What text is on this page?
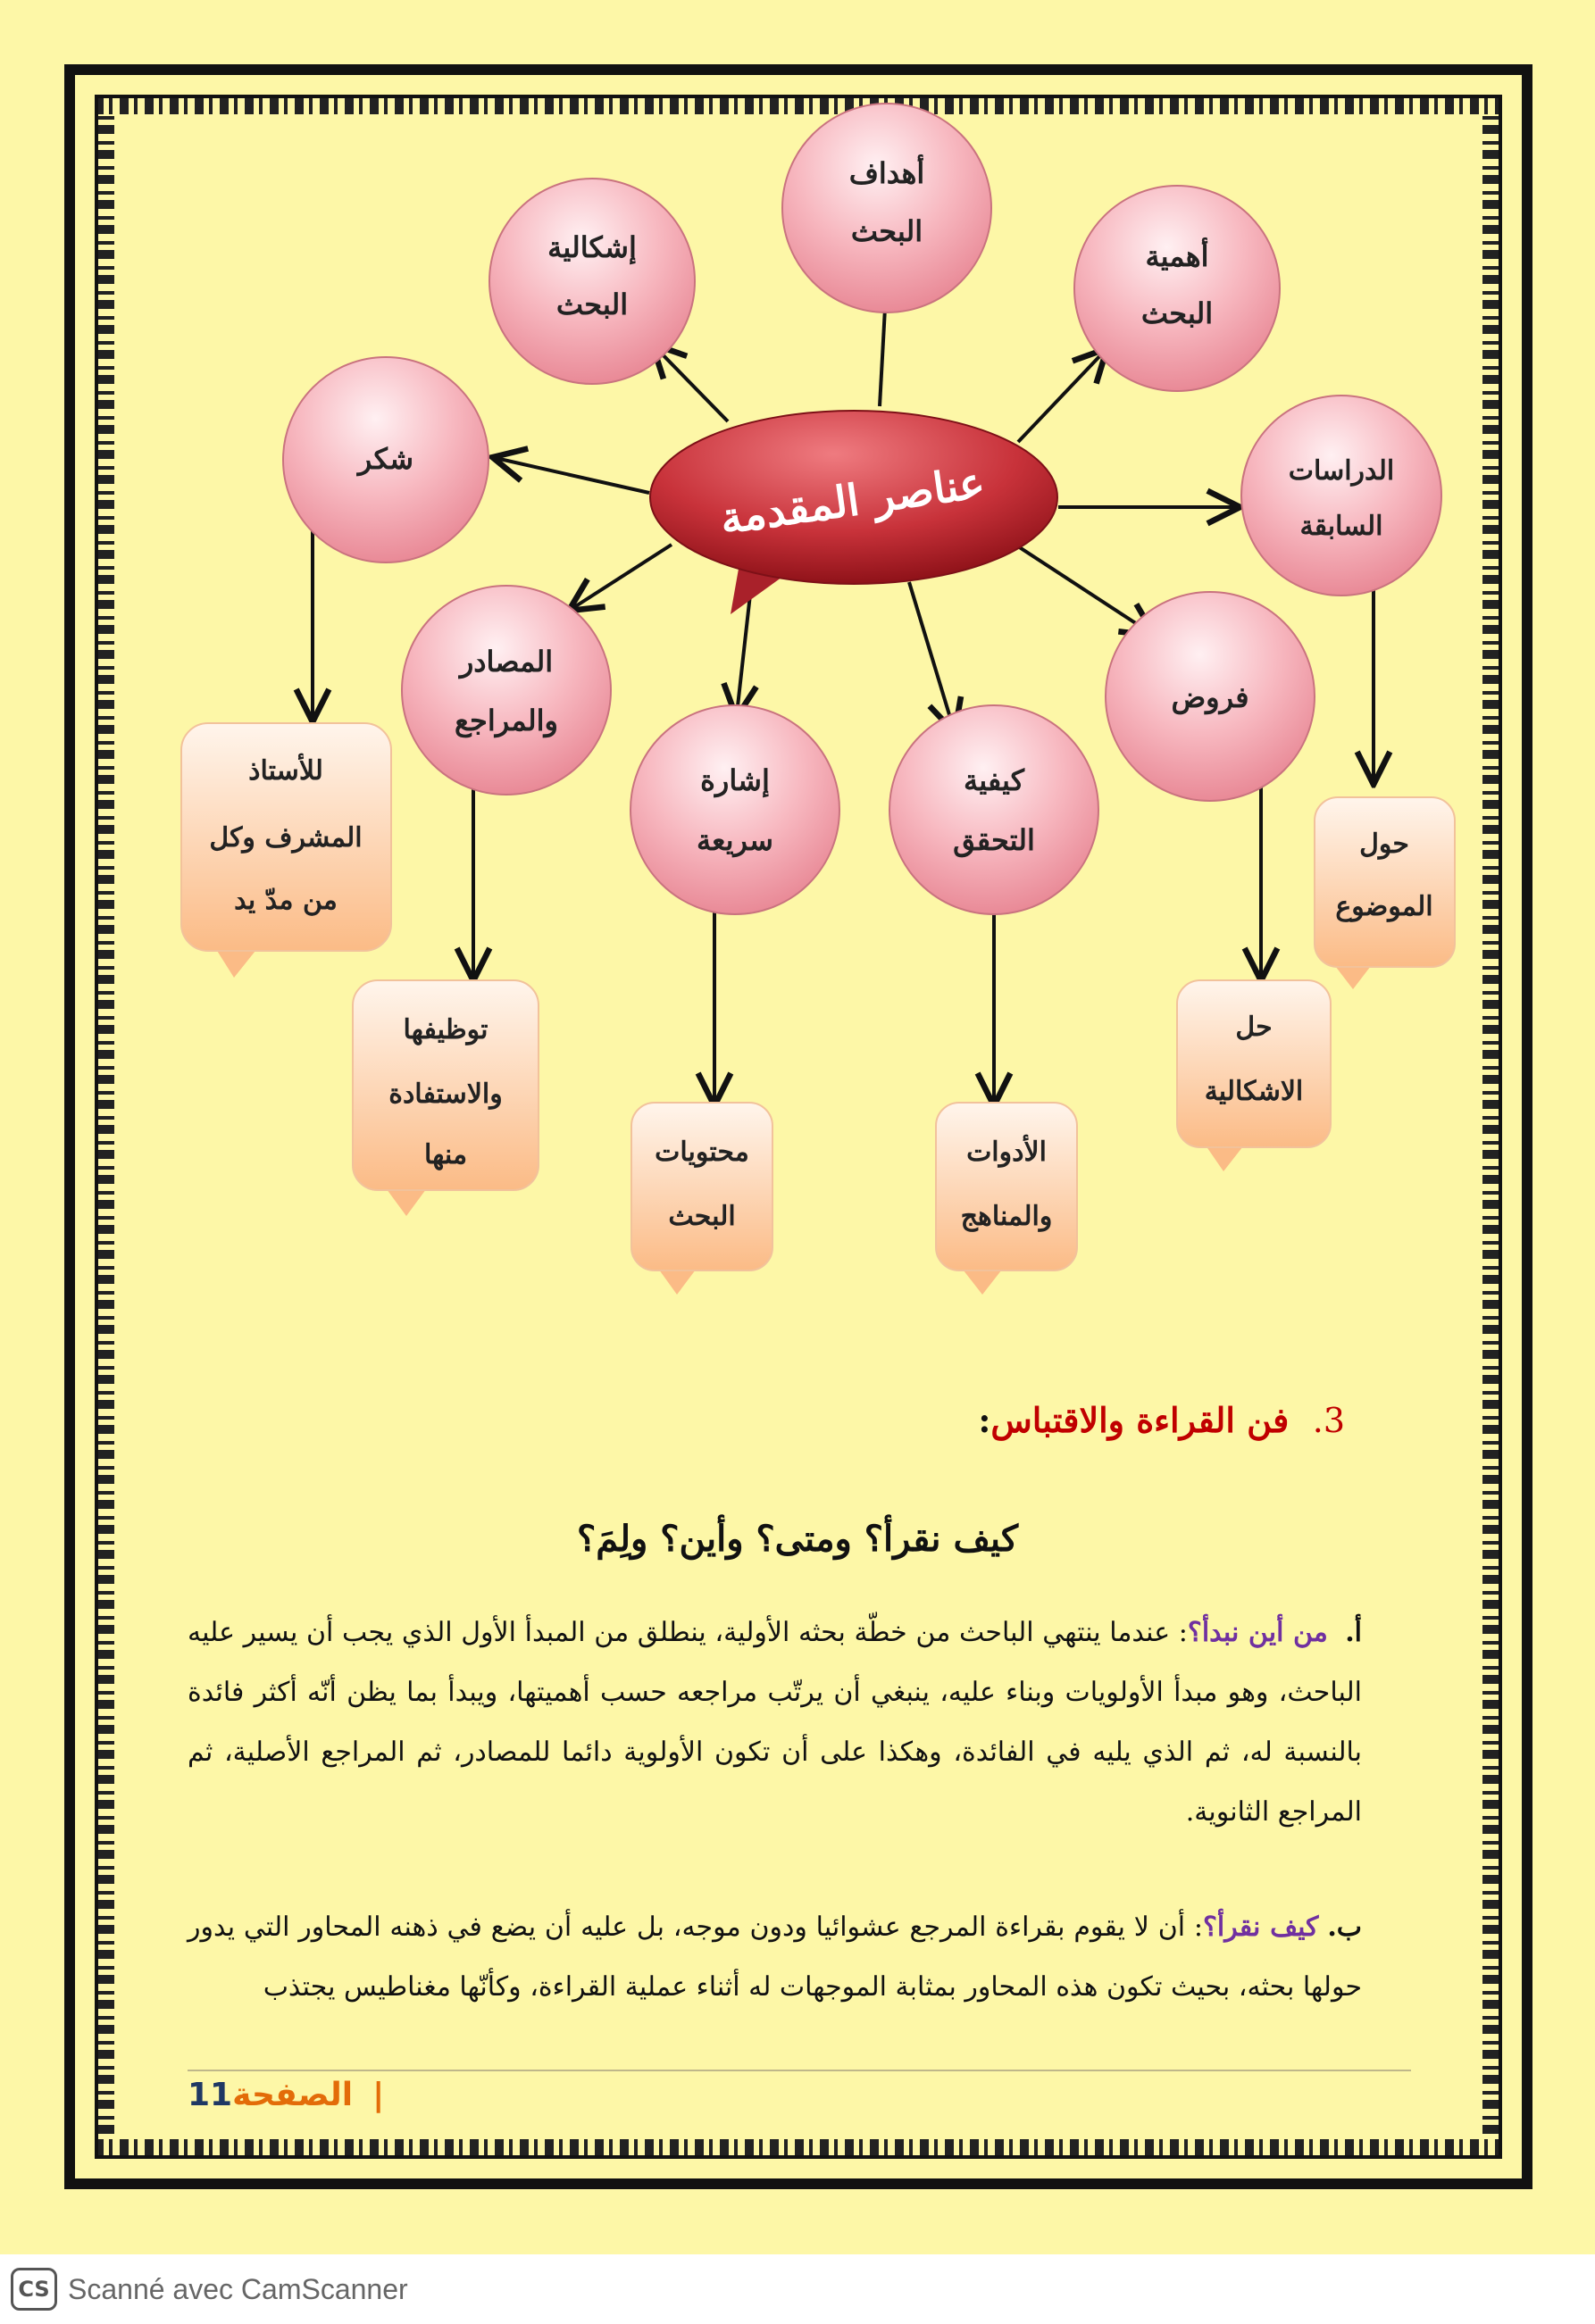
عناصر المقدمة
أهداف
البحث
إشكالية
البحث
أهمية
البحث
شكر	الدراسات
السابقة
المصادر
والمراجع
إشارة
سريعة
كيفية
التحقق
فروض
للأستاذ
المشرف وكل
من مدّ يد
توظيفها
والاستفادة
منها	محتويات
البحث
الأدوات
والمناهج
حل
الاشكالية
حول
الموضوع
3.  فن القراءة والاقتباس:
كيف نقرأ؟ ومتى؟ وأين؟ ولِمَ؟
أ.  من أين نبدأ؟: عندما ينتهي الباحث من خطّة بحثه الأولية، ينطلق من المبدأ الأول الذي يجب أن يسير عليه الباحث، وهو مبدأ الأولويات وبناء عليه، ينبغي أن يرتّب مراجعه حسب أهميتها، ويبدأ بما يظن أنّه أكثر فائدة بالنسبة له، ثم الذي يليه في الفائدة، وهكذا على أن تكون الأولوية دائما للمصادر، ثم المراجع الأصلية، ثم المراجع الثانوية.
ب. كيف نقرأ؟: أن لا يقوم بقراءة المرجع عشوائيا ودون موجه، بل عليه أن يضع في ذهنه المحاور التي يدور حولها بحثه، بحيث تكون هذه المحاور بمثابة الموجهات له أثناء عملية القراءة، وكأنّها مغناطيس يجتذب
11الصفحة |
CS Scanné avec CamScanner
